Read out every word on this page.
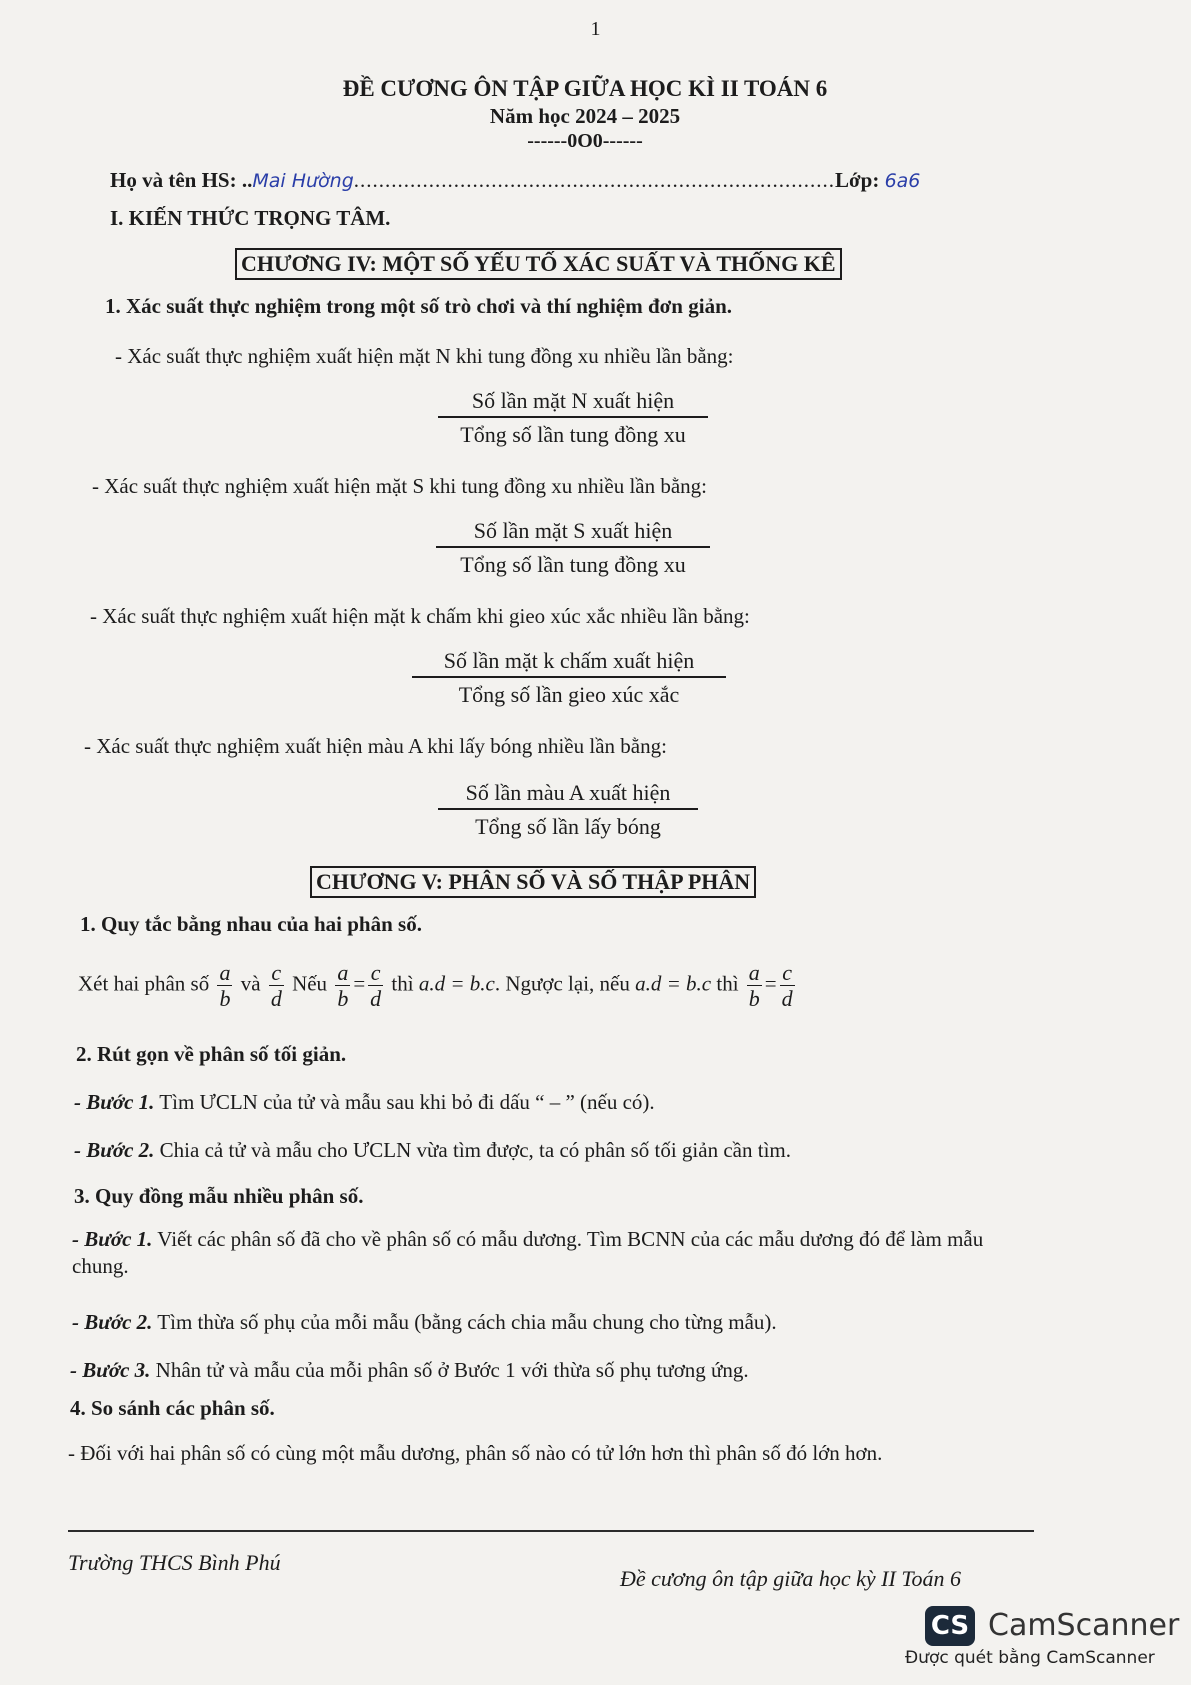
1
ĐỀ CƯƠNG ÔN TẬP GIỮA HỌC KÌ II TOÁN 6
Năm học 2024 – 2025
------0O0------
Họ và tên HS: ..Mai Hường.............................................................................Lớp: 6a6
I. KIẾN THỨC TRỌNG TÂM.
CHƯƠNG IV: MỘT SỐ YẾU TỐ XÁC SUẤT VÀ THỐNG KÊ
1. Xác suất thực nghiệm trong một số trò chơi và thí nghiệm đơn giản.
- Xác suất thực nghiệm xuất hiện mặt N khi tung đồng xu nhiều lần bằng:
Số lần mặt N xuất hiện
Tổng số lần tung đồng xu
- Xác suất thực nghiệm xuất hiện mặt S khi tung đồng xu nhiều lần bằng:
Số lần mặt S xuất hiện
Tổng số lần tung đồng xu
- Xác suất thực nghiệm xuất hiện mặt k chấm khi gieo xúc xắc nhiều lần bằng:
Số lần mặt k chấm xuất hiện
Tổng số lần gieo xúc xắc
- Xác suất thực nghiệm xuất hiện màu A khi lấy bóng nhiều lần bằng:
Số lần màu A xuất hiện
Tổng số lần lấy bóng
CHƯƠNG V: PHÂN SỐ VÀ SỐ THẬP PHÂN
1. Quy tắc bằng nhau của hai phân số.
Xét hai phân số $\frac{a}{b}$ và $\frac{c}{d}$ Nếu $\frac{a}{b} = \frac{c}{d}$ thì a.d = b.c. Ngược lại, nếu a.d = b.c thì $\frac{a}{b} = \frac{c}{d}$
2. Rút gọn về phân số tối giản.
- Bước 1. Tìm ƯCLN của tử và mẫu sau khi bỏ đi dấu “ – ” (nếu có).
- Bước 2. Chia cả tử và mẫu cho ƯCLN vừa tìm được, ta có phân số tối giản cần tìm.
3. Quy đồng mẫu nhiều phân số.
- Bước 1. Viết các phân số đã cho về phân số có mẫu dương. Tìm BCNN của các mẫu dương đó để làm mẫu chung.
- Bước 2. Tìm thừa số phụ của mỗi mẫu (bằng cách chia mẫu chung cho từng mẫu).
- Bước 3. Nhân tử và mẫu của mỗi phân số ở Bước 1 với thừa số phụ tương ứng.
4. So sánh các phân số.
- Đối với hai phân số có cùng một mẫu dương, phân số nào có tử lớn hơn thì phân số đó lớn hơn.
Trường THCS Bình Phú
Đề cương ôn tập giữa học kỳ II Toán 6
CS CamScanner
Được quét bằng CamScanner
